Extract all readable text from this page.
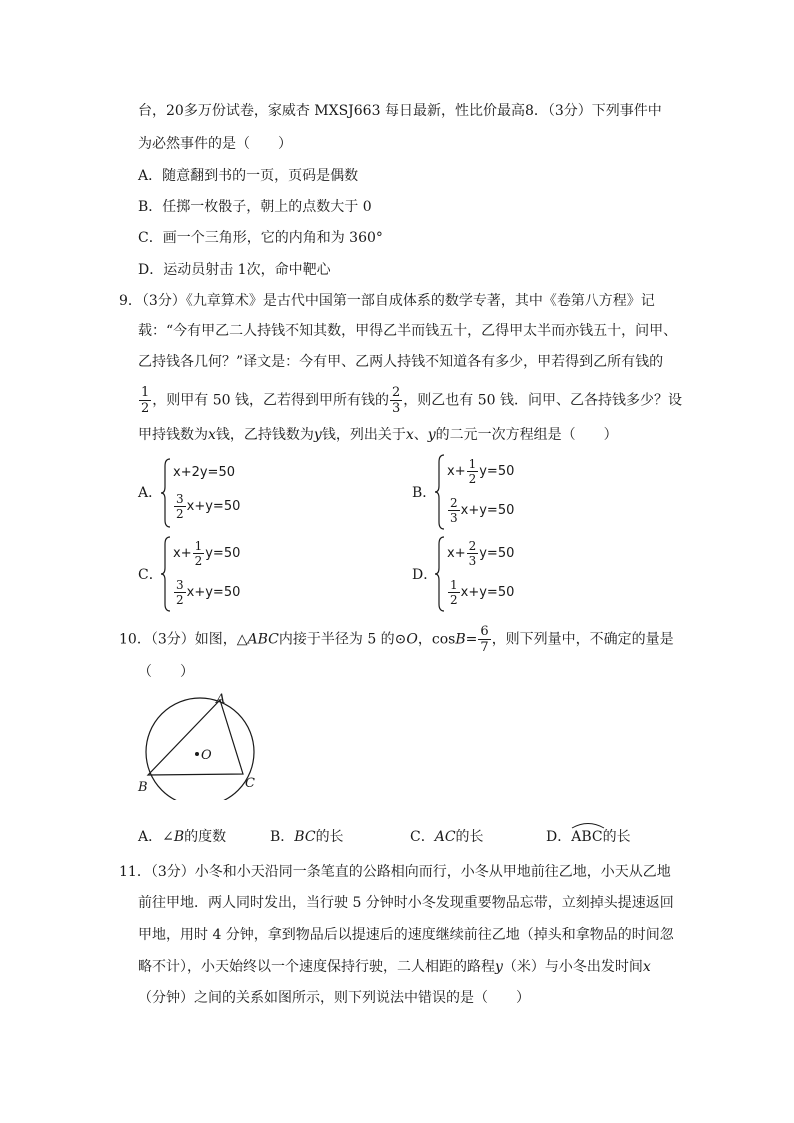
台，20多万份试卷，家威杏 MXSJ663 每日最新，性比价最高8．（3分）下列事件中
为必然事件的是（　　）
A．随意翻到书的一页，页码是偶数
B．任掷一枚骰子，朝上的点数大于 0
C．画一个三角形，它的内角和为 360°
D．运动员射击 1次，命中靶心
9．（3分）《九章算术》是古代中国第一部自成体系的数学专著，其中《卷第八方程》记
载：“今有甲乙二人持钱不知其数，甲得乙半而钱五十，乙得甲太半而亦钱五十，问甲、
乙持钱各几何？”译文是：今有甲、乙两人持钱不知道各有多少，甲若得到乙所有钱的
$\frac{1}{2}$ ，则甲有 50 钱，乙若得到甲所有钱的 $\frac{2}{3}$ ，则乙也有 50 钱．问甲、乙各持钱多少？设
甲持钱数为x钱，乙持钱数为y钱，列出关于x、y的二元一次方程组是（　　）
A．
x+2y=50
$\frac{3}{2} x+y=50$
B．
$x+ \frac{1}{2} y=50$
$\frac{2}{3} x+y=50$
C．
$x+ \frac{1}{2} y=50$
$\frac{3}{2} x+y=50$
D．
$x+ \frac{2}{3} y=50$
$\frac{1}{2} x+y=50$
10．（3分）如图，△ABC内接于半径为 5 的⊙O，$\cos B= \frac{6}{7}$ ，则下列量中，不确定的量是
（　　）
A
B	C
O
A．∠B的度数	B．BC的长	C．AC的长	D．
ABC的长
11．（3分）小冬和小天沿同一条笔直的公路相向而行，小冬从甲地前往乙地，小天从乙地
前往甲地．两人同时发出，当行驶 5 分钟时小冬发现重要物品忘带，立刻掉头提速返回
甲地，用时 4 分钟，拿到物品后以提速后的速度继续前往乙地（掉头和拿物品的时间忽
略不计），小天始终以一个速度保持行驶，二人相距的路程y（米）与小冬出发时间x
（分钟）之间的关系如图所示，则下列说法中错误的是（　　）
